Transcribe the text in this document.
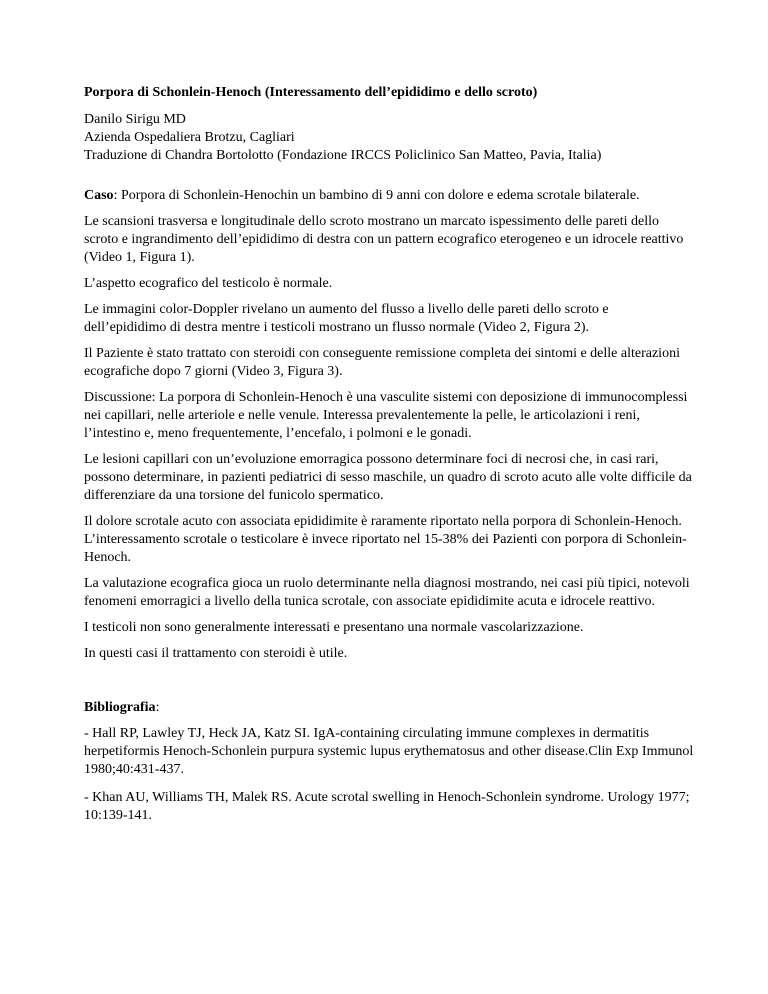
Porpora di Schonlein-Henoch (Interessamento dell’epididimo e dello scroto)

Danilo Sirigu MD
Azienda Ospedaliera Brotzu, Cagliari
Traduzione di Chandra Bortolotto (Fondazione IRCCS Policlinico San Matteo, Pavia, Italia)

Caso: Porpora di Schonlein-Henochin un bambino di 9 anni con dolore e edema scrotale bilaterale.

Le scansioni trasversa e longitudinale dello scroto mostrano un marcato ispessimento delle pareti dello scroto e ingrandimento dell’epididimo di destra con un pattern ecografico eterogeneo e un idrocele reattivo (Video 1, Figura 1).

L’aspetto ecografico del testicolo è normale.

Le immagini color-Doppler rivelano un aumento del flusso a livello delle pareti dello scroto e dell’epididimo di destra mentre i testicoli mostrano un flusso normale (Video 2, Figura 2).

Il Paziente è stato trattato con steroidi con conseguente remissione completa dei sintomi e delle alterazioni ecografiche dopo 7 giorni (Video 3, Figura 3).

Discussione: La porpora di Schonlein-Henoch è una vasculite sistemi con deposizione di immunocomplessi nei capillari, nelle arteriole e nelle venule. Interessa prevalentemente la pelle, le articolazioni i reni, l’intestino e, meno frequentemente, l’encefalo, i polmoni e le gonadi.

Le lesioni capillari con un’evoluzione emorragica possono determinare foci di necrosi che, in casi rari, possono determinare, in pazienti pediatrici di sesso maschile, un quadro di scroto acuto alle volte difficile da differenziare da una torsione del funicolo spermatico.

Il dolore scrotale acuto con associata epididimite è raramente riportato nella porpora di Schonlein-Henoch. L’interessamento scrotale o testicolare è invece riportato nel 15-38% dei Pazienti con porpora di Schonlein-Henoch.

La valutazione ecografica gioca un ruolo determinante nella diagnosi mostrando, nei casi più tipici, notevoli fenomeni emorragici a livello della tunica scrotale, con associate epididimite acuta e idrocele reattivo.

I testicoli non sono generalmente interessati e presentano una normale vascolarizzazione.

In questi casi il trattamento con steroidi è utile.

Bibliografia:

- Hall RP, Lawley TJ, Heck JA, Katz SI. IgA-containing circulating immune complexes in dermatitis herpetiformis Henoch-Schonlein purpura systemic lupus erythematosus and other disease.Clin Exp Immunol 1980;40:431-437.

- Khan AU, Williams TH, Malek RS. Acute scrotal swelling in Henoch-Schonlein syndrome. Urology 1977; 10:139-141.
